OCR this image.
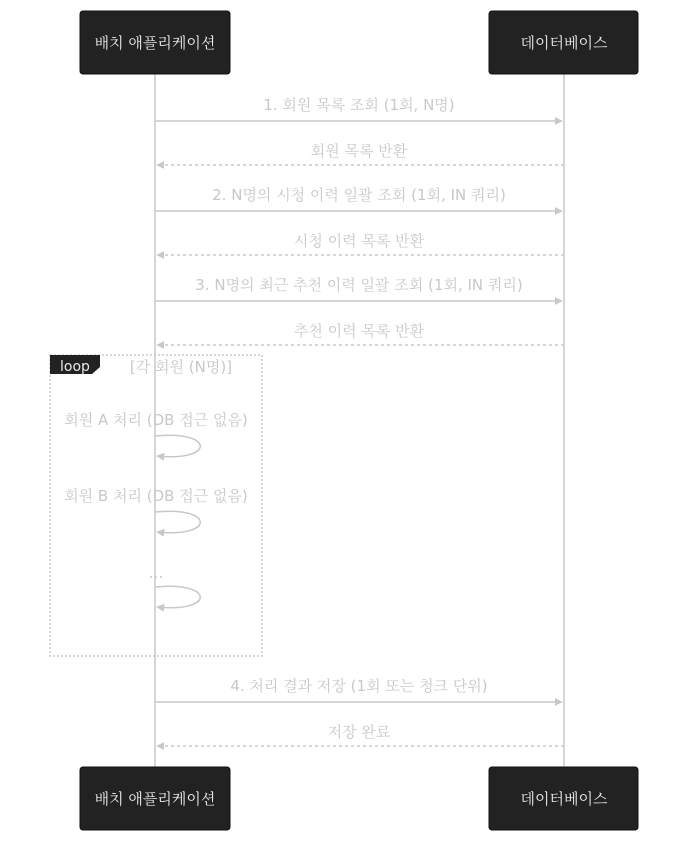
배치 애플리케이션	데이터베이스
1. 회원 목록 조회 (1회, N명)
회원 목록 반환
2. N명의 시청 이력 일괄 조회 (1회, IN 쿼리)
시청 이력 목록 반환
3. N명의 최근 추천 이력 일괄 조회 (1회, IN 쿼리)
추천 이력 목록 반환
loop	[각 회원 (N명)]
회원 A 처리 (DB 접근 없음)
회원 B 처리 (DB 접근 없음)
...
4. 처리 결과 저장 (1회 또는 청크 단위)
저장 완료
배치 애플리케이션	데이터베이스
